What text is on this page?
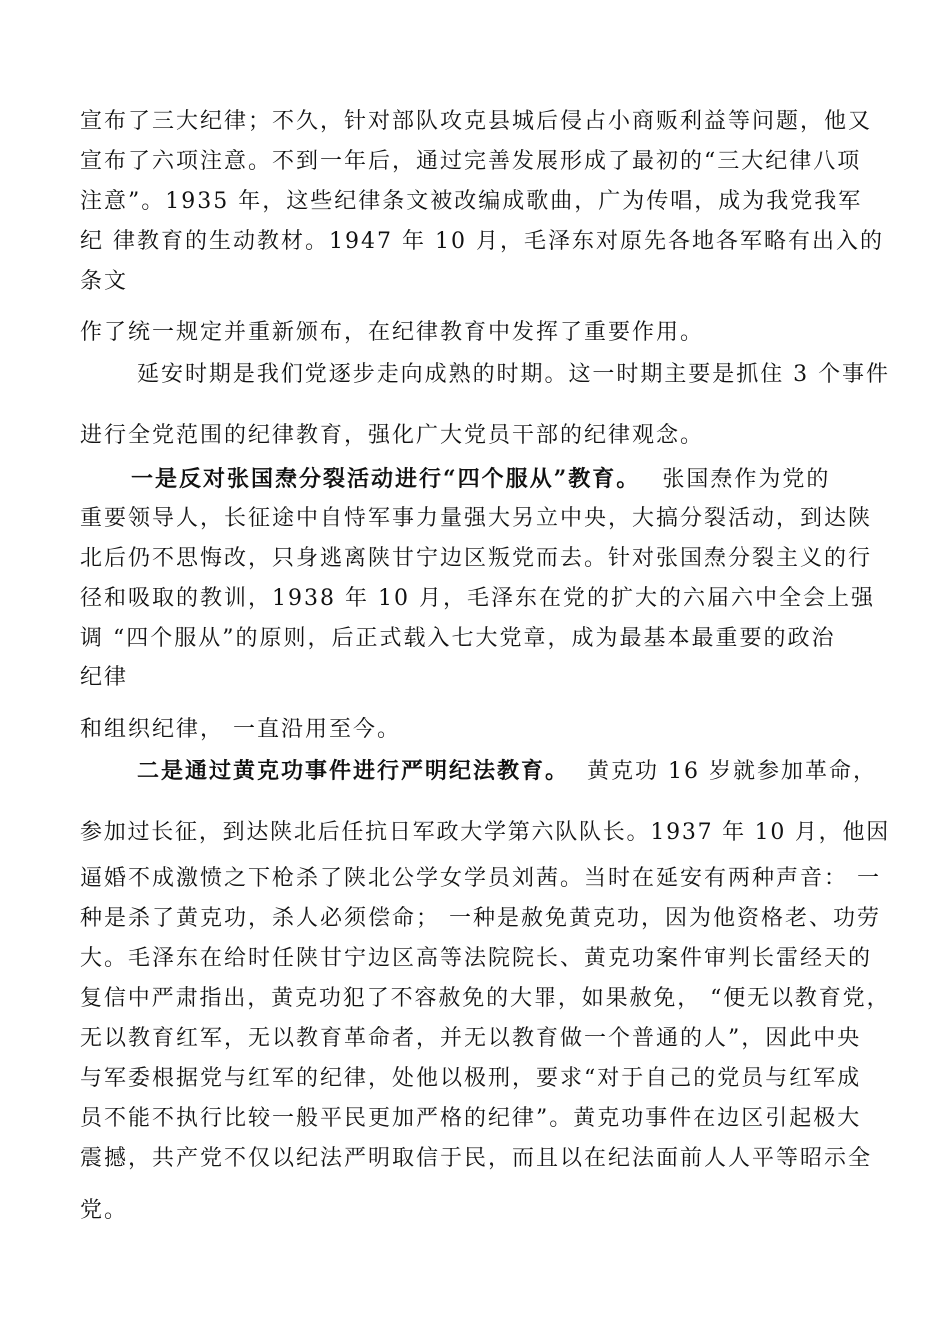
宣布了三大纪律；不久，针对部队攻克县城后侵占小商贩利益等问题，他又
宣布了六项注意。不到一年后，通过完善发展形成了最初的“三大纪律八项
注意”。1935 年，这些纪律条文被改编成歌曲，广为传唱，成为我党我军
纪 律教育的生动教材。1947 年 10 月，毛泽东对原先各地各军略有出入的
条文
作了统一规定并重新颁布，在纪律教育中发挥了重要作用。
延安时期是我们党逐步走向成熟的时期。这一时期主要是抓住 3 个事件
进行全党范围的纪律教育，强化广大党员干部的纪律观念。
一是反对张国焘分裂活动进行“四个服从”教育。 张国焘作为党的
重要领导人，长征途中自恃军事力量强大另立中央，大搞分裂活动，到达陕
北后仍不思悔改，只身逃离陕甘宁边区叛党而去。针对张国焘分裂主义的行
径和吸取的教训，1938 年 10 月，毛泽东在党的扩大的六届六中全会上强
调 “四个服从”的原则，后正式载入七大党章，成为最基本最重要的政治
纪律
和组织纪律， 一直沿用至今。
二是通过黄克功事件进行严明纪法教育。 黄克功 16 岁就参加革命，
参加过长征，到达陕北后任抗日军政大学第六队队长。1937 年 10 月，他因
逼婚不成激愤之下枪杀了陕北公学女学员刘茜。当时在延安有两种声音： 一
种是杀了黄克功，杀人必须偿命； 一种是赦免黄克功，因为他资格老、功劳
大。毛泽东在给时任陕甘宁边区高等法院院长、黄克功案件审判长雷经天的
复信中严肃指出，黄克功犯了不容赦免的大罪，如果赦免， “便无以教育党，
无以教育红军，无以教育革命者，并无以教育做一个普通的人”，因此中央
与军委根据党与红军的纪律，处他以极刑，要求“对于自己的党员与红军成
员不能不执行比较一般平民更加严格的纪律”。黄克功事件在边区引起极大
震撼，共产党不仅以纪法严明取信于民，而且以在纪法面前人人平等昭示全
党。
